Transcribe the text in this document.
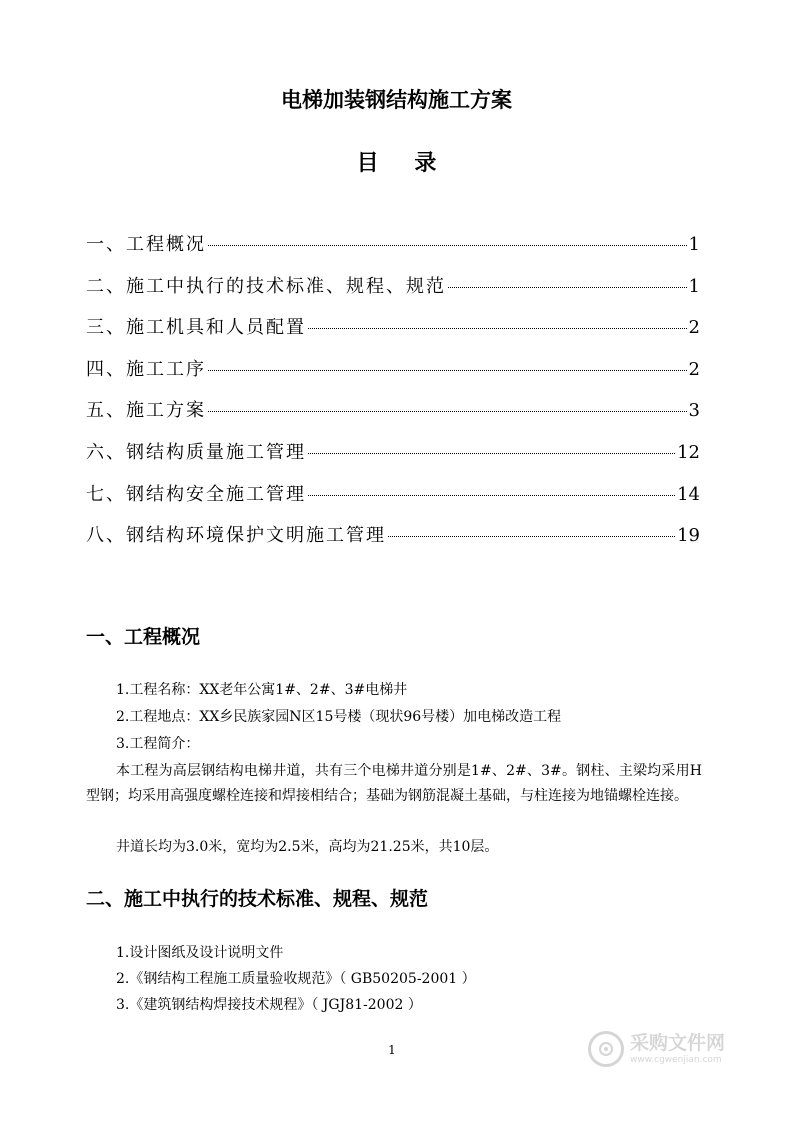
电梯加装钢结构施工方案
目 录
一、工程概况	1
二、施工中执行的技术标准、规程、规范	1
三、施工机具和人员配置	2
四、施工工序	2
五、施工方案	3
六、钢结构质量施工管理	12
七、钢结构安全施工管理	14
八、钢结构环境保护文明施工管理	19
一、工程概况
1.工程名称：XX老年公寓1#、2#、3#电梯井
2.工程地点：XX乡民族家园N区15号楼（现状96号楼）加电梯改造工程
3.工程简介：
本工程为高层钢结构电梯井道，共有三个电梯井道分别是1#、2#、3#。钢柱、主梁均采用H型钢；均采用高强度螺栓连接和焊接相结合；基础为钢筋混凝土基础，与柱连接为地锚螺栓连接。
井道长均为3.0米，宽均为2.5米，高均为21.25米，共10层。
二、施工中执行的技术标准、规程、规范
1.设计图纸及设计说明文件
2.《钢结构工程施工质量验收规范》（ GB50205-2001 ）
3.《建筑钢结构焊接技术规程》（ JGJ81-2002 ）
1	采购文件网
www.cgwenjian.com
